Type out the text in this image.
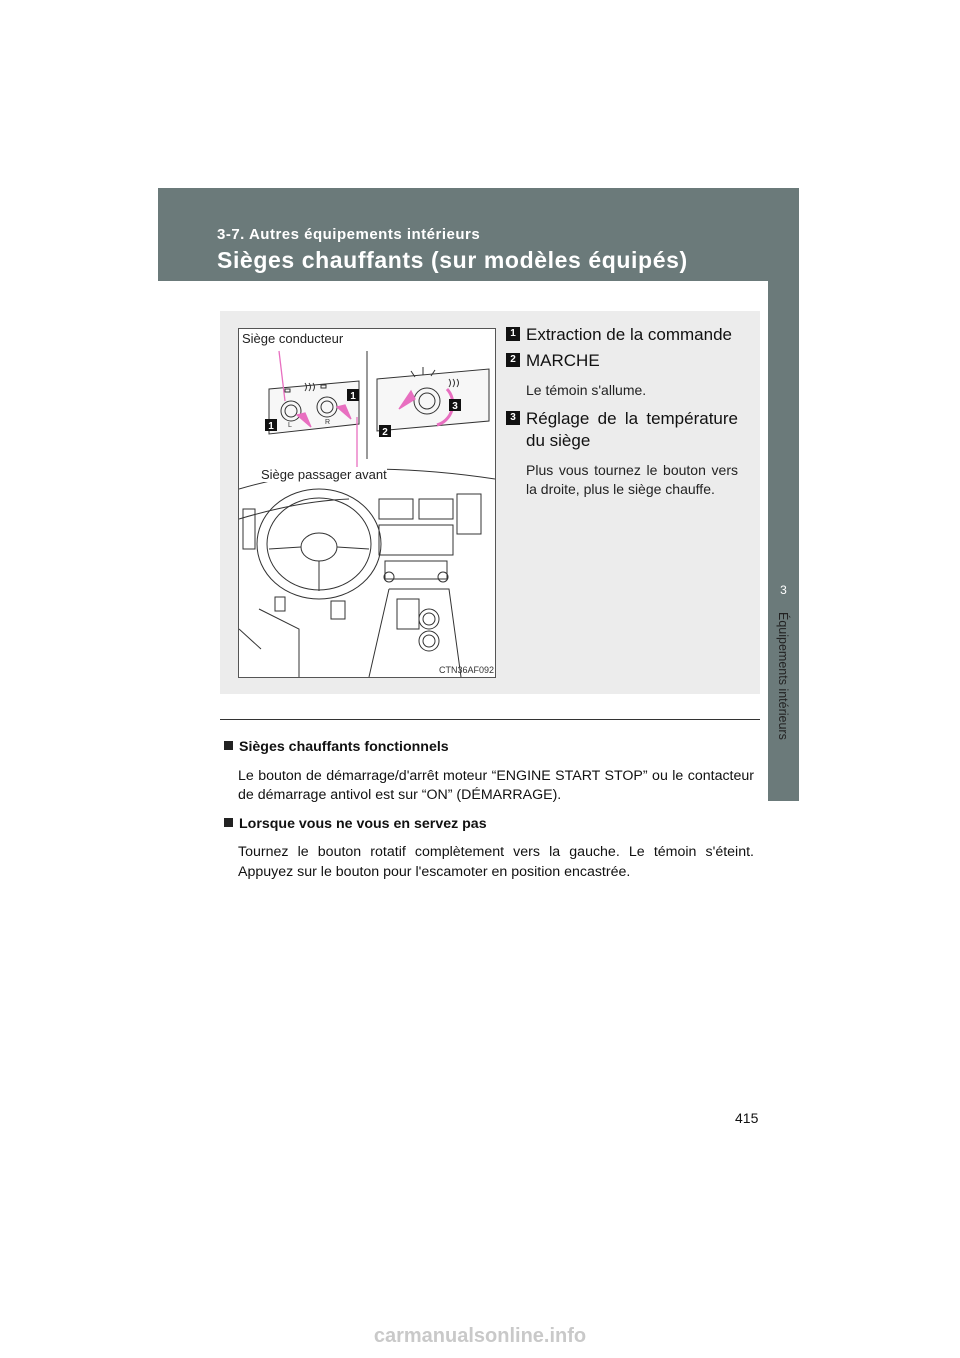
3-7. Autres équipements intérieurs
Sièges chauffants (sur modèles équipés)
3
Équipements intérieurs
L	R
1
1
2
3
Siège conducteur
Siège passager avant
CTN36AF092
1 Extraction de la commande
2 MARCHE
Le témoin s'allume.
3 Réglage de la température du siège
Plus vous tournez le bouton vers la droite, plus le siège chauffe.
Sièges chauffants fonctionnels

Le bouton de démarrage/d'arrêt moteur “ENGINE START STOP” ou le contacteur de démarrage antivol est sur “ON” (DÉMARRAGE).

Lorsque vous ne vous en servez pas

Tournez le bouton rotatif complètement vers la gauche. Le témoin s'éteint. Appuyez sur le bouton pour l'escamoter en position encastrée.

415
carmanualsonline.info
